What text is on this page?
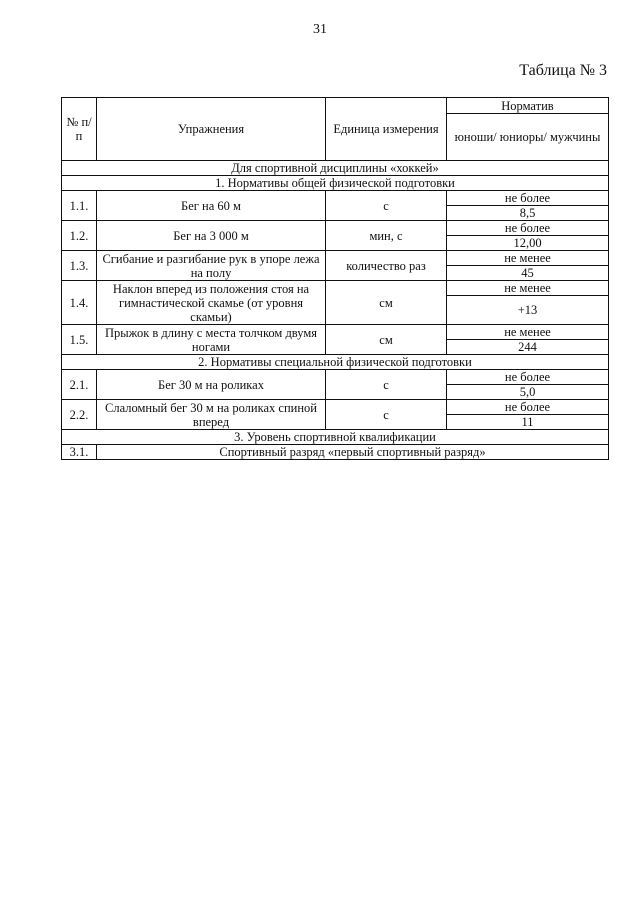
31
Таблица № 3
№ п/п	Упражнения	Единица измерения	Норматив
			юноши/ юниоры/ мужчины
Для спортивной дисциплины «хоккей»			
1. Нормативы общей физической подготовки			
1.1.	Бег на 60 м	с	не более
			8,5
1.2.	Бег на 3 000 м	мин, с	не более
			12,00
1.3.	Сгибание и разгибание рук в упоре лежа на полу	количество раз	не менее
			45
1.4.	Наклон вперед из положения стоя на гимнастической скамье (от уровня скамьи)	см	не менее
			+13
1.5.	Прыжок в длину с места толчком двумя ногами	см	не менее
			244
2. Нормативы специальной физической подготовки			
2.1.	Бег 30 м на роликах	с	не более
			5,0
2.2.	Слаломный бег 30 м на роликах спиной вперед	с	не более
			11
3. Уровень спортивной квалификации			
3.1.	Спортивный разряд «первый спортивный разряд»		
